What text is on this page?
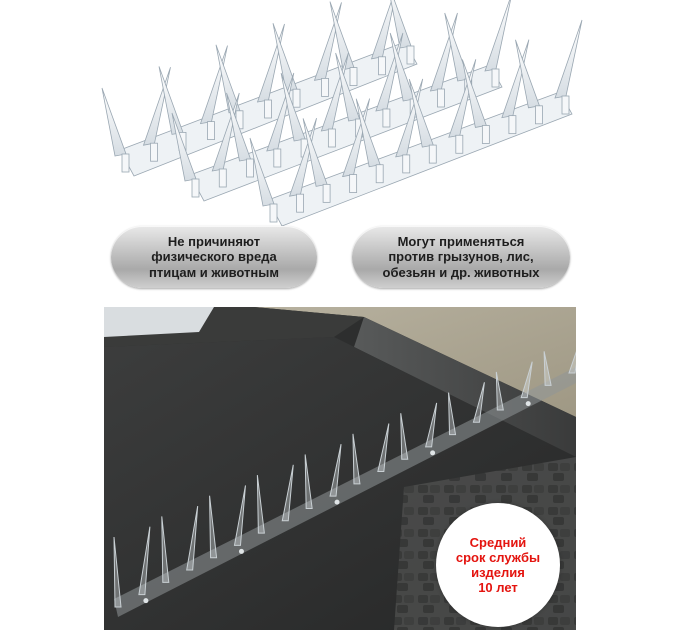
Не причиняют
физического вреда
птицам и животным
Могут применяться
против грызунов, лис,
обезьян и др. животных
Средний
срок службы
изделия
10 лет
